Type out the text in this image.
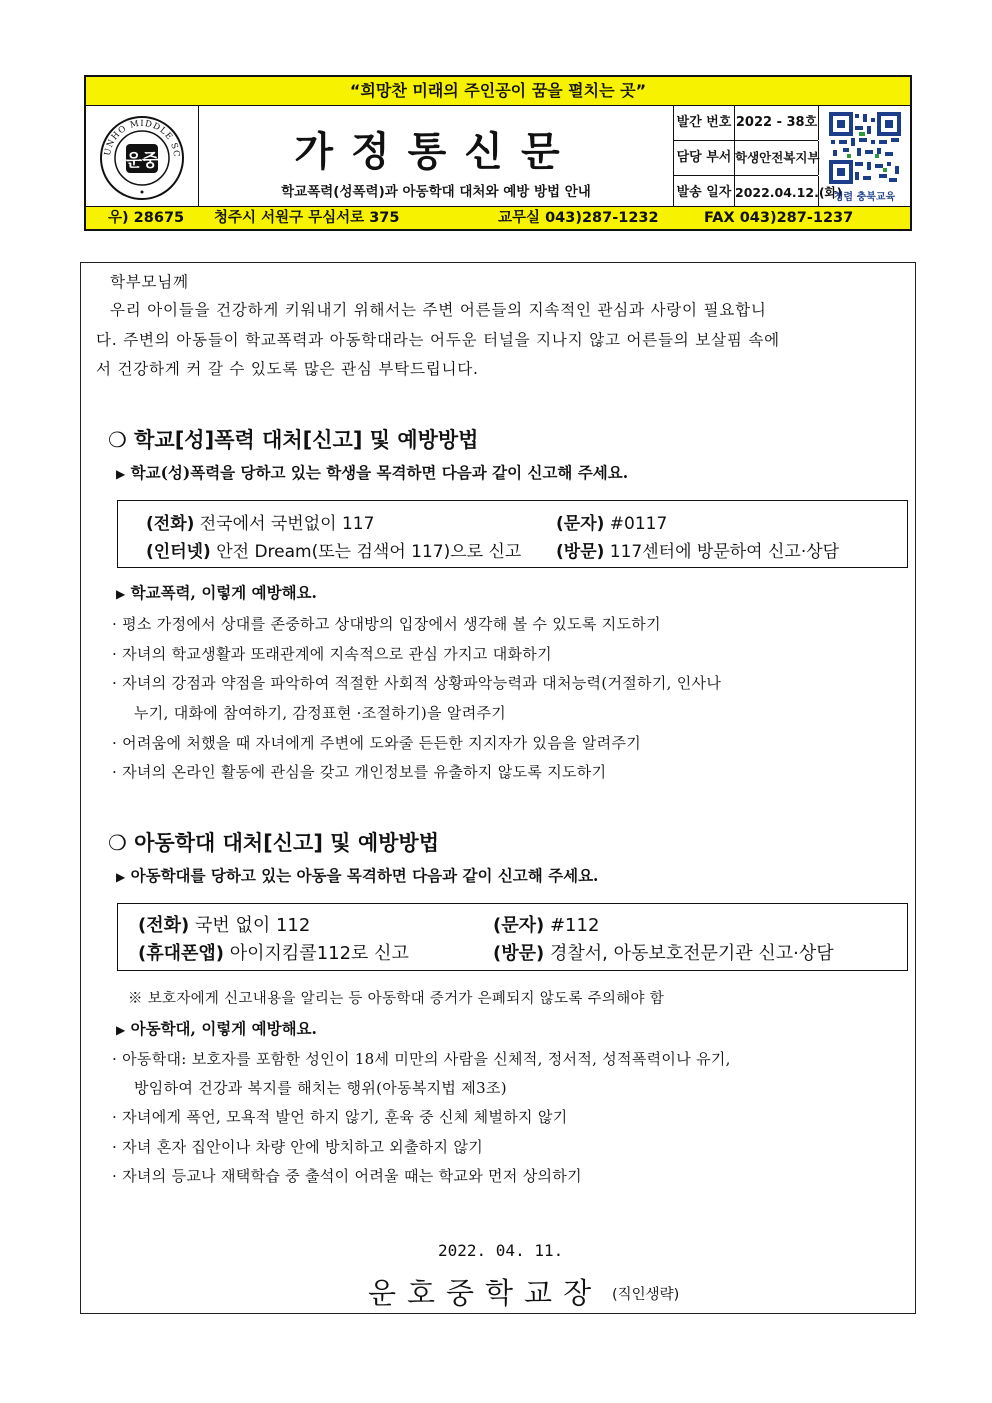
“희망찬 미래의 주인공이 꿈을 펼치는 곳”
UNHO MIDDLE SC
운중	가정통신문
학교폭력(성폭력)과 아동학대 대처와 예방 방법 안내
발간 번호 2022 - 38호
담당 부서 학생안전복지부
발송 일자 2022.04.12.(화)
청렴 충북교육
우) 28675 청주시 서원구 무심서로 375	교무실 043)287-1232	FAX 043)287-1237
학부모님께
우리 아이들을 건강하게 키워내기 위해서는 주변 어른들의 지속적인 관심과 사랑이 필요합니
다. 주변의 아동들이 학교폭력과 아동학대라는 어두운 터널을 지나지 않고 어른들의 보살핌 속에
서 건강하게 커 갈 수 있도록 많은 관심 부탁드립니다.
❍ 학교[성]폭력 대처[신고] 및 예방방법
▶ 학교(성)폭력을 당하고 있는 학생을 목격하면 다음과 같이 신고해 주세요.
(전화) 전국에서 국번없이 117	(문자) #0117
(인터넷) 안전 Dream(또는 검색어 117)으로 신고 (방문) 117센터에 방문하여 신고·상담
▶ 학교폭력, 이렇게 예방해요.
· 평소 가정에서 상대를 존중하고 상대방의 입장에서 생각해 볼 수 있도록 지도하기
· 자녀의 학교생활과 또래관계에 지속적으로 관심 가지고 대화하기
· 자녀의 강점과 약점을 파악하여 적절한 사회적 상황파악능력과 대처능력(거절하기, 인사나
누기, 대화에 참여하기, 감정표현 ·조절하기)을 알려주기
· 어려움에 처했을 때 자녀에게 주변에 도와줄 든든한 지지자가 있음을 알려주기
· 자녀의 온라인 활동에 관심을 갖고 개인정보를 유출하지 않도록 지도하기
❍ 아동학대 대처[신고] 및 예방방법
▶ 아동학대를 당하고 있는 아동을 목격하면 다음과 같이 신고해 주세요.
(전화) 국번 없이 112	(문자) #112
(휴대폰앱) 아이지킴콜112로 신고	(방문) 경찰서, 아동보호전문기관 신고·상담
※ 보호자에게 신고내용을 알리는 등 아동학대 증거가 은폐되지 않도록 주의해야 함
▶ 아동학대, 이렇게 예방해요.
· 아동학대: 보호자를 포함한 성인이 18세 미만의 사람을 신체적, 정서적, 성적폭력이나 유기,
방임하여 건강과 복지를 해치는 행위(아동복지법 제3조)
· 자녀에게 폭언, 모욕적 발언 하지 않기, 훈육 중 신체 체벌하지 않기
· 자녀 혼자 집안이나 차량 안에 방치하고 외출하지 않기
· 자녀의 등교나 재택학습 중 출석이 어려울 때는 학교와 먼저 상의하기
2022. 04. 11.
운호중학교장 (직인생략)
